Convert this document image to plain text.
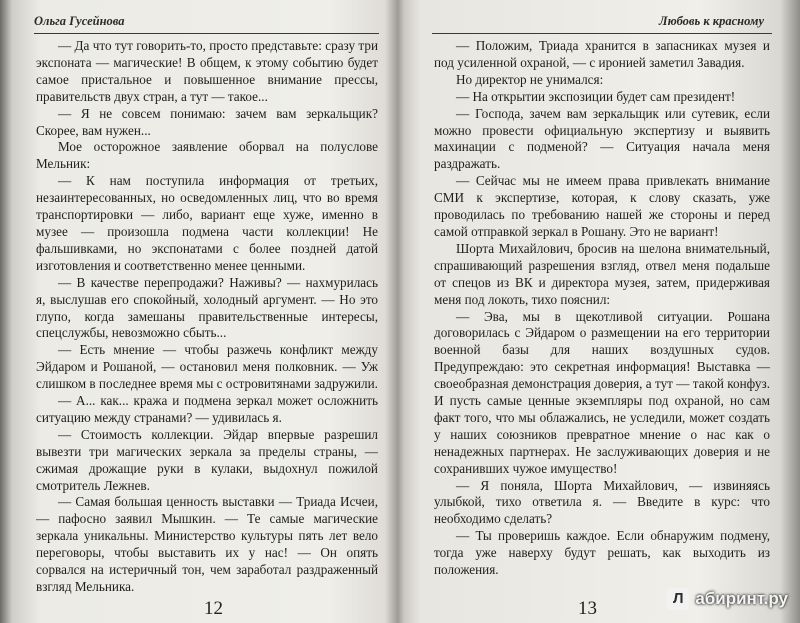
Ольга Гусейнова

— Да что тут говорить-то, просто представьте: сразу три экспоната — магические! В общем, к этому событию будет самое пристальное и повышенное внимание прессы, правительств двух стран, а тут — такое...

— Я не совсем понимаю: зачем вам зеркальщик? Скорее, вам нужен...

Мое осторожное заявление оборвал на полуслове Мельник:

— К нам поступила информация от третьих, незаинтересованных, но осведомленных лиц, что во время транспортировки — либо, вариант еще хуже, именно в музее — произошла подмена части коллекции! Не фальшивками, но экспонатами с более поздней датой изготовления и соответственно менее ценными.

— В качестве перепродажи? Наживы? — нахмурилась я, выслушав его спокойный, холодный аргумент. — Но это глупо, когда замешаны правительственные интересы, спецслужбы, невозможно сбыть...

— Есть мнение — чтобы разжечь конфликт между Эйдаром и Рошаной, — остановил меня полковник. — Уж слишком в последнее время мы с островитянами задружили.

— А... как... кража и подмена зеркал может осложнить ситуацию между странами? — удивилась я.

— Стоимость коллекции. Эйдар впервые разрешил вывезти три магических зеркала за пределы страны, — сжимая дрожащие руки в кулаки, выдохнул пожилой смотритель Лежнев.

— Самая большая ценность выставки — Триада Исчеи, — пафосно заявил Мышкин. — Те самые магические зеркала уникальны. Министерство культуры пять лет вело переговоры, чтобы выставить их у нас! — Он опять сорвался на истеричный тон, чем заработал раздраженный взгляд Мельника.

12
Любовь к красному

— Положим, Триада хранится в запасниках музея и под усиленной охраной, — с иронией заметил Завадия.

Но директор не унимался:

— На открытии экспозиции будет сам президент!

— Господа, зачем вам зеркальщик или сутевик, если можно провести официальную экспертизу и выявить махинации с подменой? — Ситуация начала меня раздражать.

— Сейчас мы не имеем права привлекать внимание СМИ к экспертизе, которая, к слову сказать, уже проводилась по требованию нашей же стороны и перед самой отправкой зеркал в Рошану. Это не вариант!

Шорта Михайлович, бросив на шелона внимательный, спрашивающий разрешения взгляд, отвел меня подальше от спецов из ВК и директора музея, затем, придерживая меня под локоть, тихо пояснил:

— Эва, мы в щекотливой ситуации. Рошана договорилась с Эйдаром о размещении на его территории военной базы для наших воздушных судов. Предупреждаю: это секретная информация! Выставка — своеобразная демонстрация доверия, а тут — такой конфуз. И пусть самые ценные экземпляры под охраной, но сам факт того, что мы облажались, не уследили, может создать у наших союзников превратное мнение о нас как о ненадежных партнерах. Не заслуживающих доверия и не сохранивших чужое имущество!

— Я поняла, Шорта Михайлович, — извиняясь улыбкой, тихо ответила я. — Введите в курс: что необходимо сделать?

— Ты проверишь каждое. Если обнаружим подмену, тогда уже наверху будут решать, как выходить из положения.

13	Л абиринт.ру
